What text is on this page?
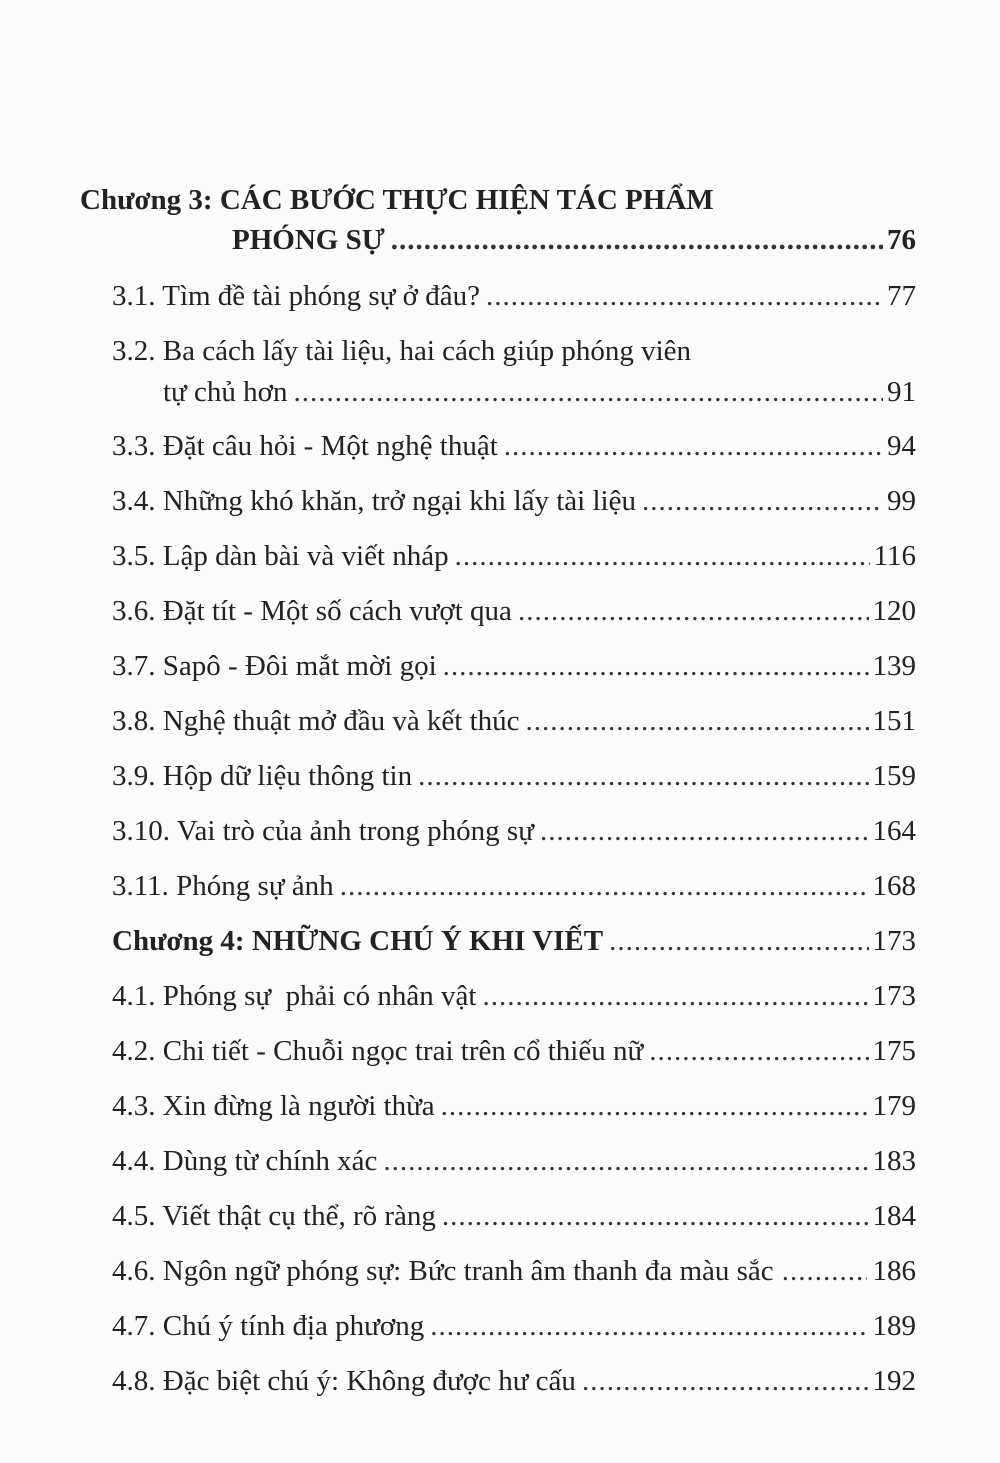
Chương 3: CÁC BƯỚC THỰC HIỆN TÁC PHẨM
PHÓNG SỰ .....	76
3.1. Tìm đề tài phóng sự ở đâu? .....	77
3.2. Ba cách lấy tài liệu, hai cách giúp phóng viên
tự chủ hơn .....	91
3.3. Đặt câu hỏi - Một nghệ thuật .....	94
3.4. Những khó khăn, trở ngại khi lấy tài liệu .....	99
3.5. Lập dàn bài và viết nháp .....	116
3.6. Đặt tít - Một số cách vượt qua .....	120
3.7. Sapô - Đôi mắt mời gọi .....	139
3.8. Nghệ thuật mở đầu và kết thúc .....	151
3.9. Hộp dữ liệu thông tin .....	159
3.10. Vai trò của ảnh trong phóng sự .....	164
3.11. Phóng sự ảnh .....	168
Chương 4: NHỮNG CHÚ Ý KHI VIẾT .....	173
4.1. Phóng sự  phải có nhân vật .....	173
4.2. Chi tiết - Chuỗi ngọc trai trên cổ thiếu nữ .....	175
4.3. Xin đừng là người thừa .....	179
4.4. Dùng từ chính xác .....	183
4.5. Viết thật cụ thể, rõ ràng .....	184
4.6. Ngôn ngữ phóng sự: Bức tranh âm thanh đa màu sắc .....	186
4.7. Chú ý tính địa phương .....	189
4.8. Đặc biệt chú ý: Không được hư cấu .....	192
